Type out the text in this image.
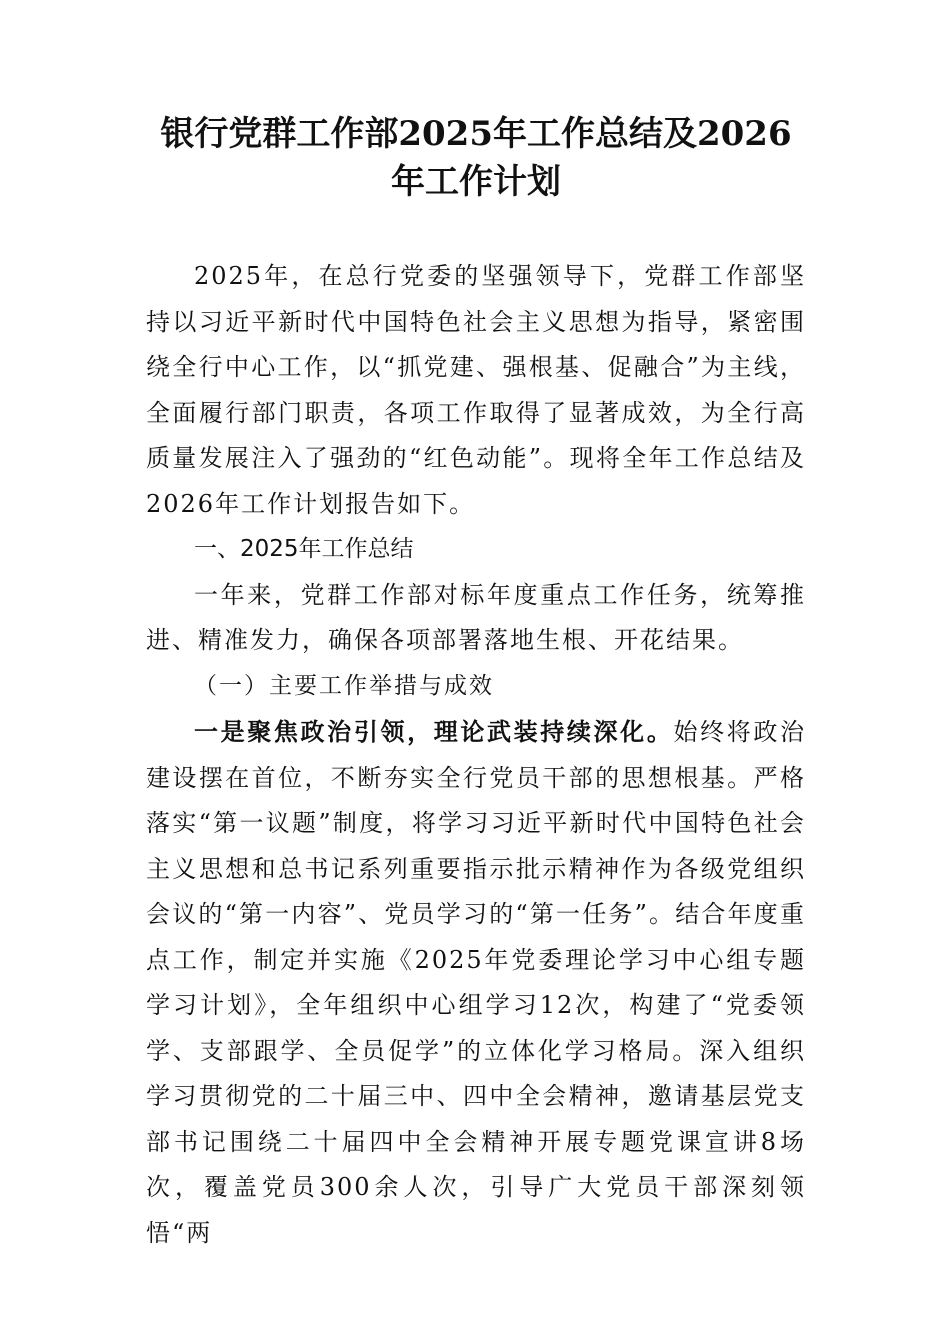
银行党群工作部2025年工作总结及2026年工作计划

2025年，在总行党委的坚强领导下，党群工作部坚持以习近平新时代中国特色社会主义思想为指导，紧密围绕全行中心工作，以“抓党建、强根基、促融合”为主线，全面履行部门职责，各项工作取得了显著成效，为全行高质量发展注入了强劲的“红色动能”。现将全年工作总结及2026年工作计划报告如下。

一、2025年工作总结

一年来，党群工作部对标年度重点工作任务，统筹推进、精准发力，确保各项部署落地生根、开花结果。

（一）主要工作举措与成效

一是聚焦政治引领，理论武装持续深化。始终将政治建设摆在首位，不断夯实全行党员干部的思想根基。严格落实“第一议题”制度，将学习习近平新时代中国特色社会主义思想和总书记系列重要指示批示精神作为各级党组织会议的“第一内容”、党员学习的“第一任务”。结合年度重点工作，制定并实施《2025年党委理论学习中心组专题学习计划》，全年组织中心组学习12次，构建了“党委领学、支部跟学、全员促学”的立体化学习格局。深入组织学习贯彻党的二十届三中、四中全会精神，邀请基层党支部书记围绕二十届四中全会精神开展专题党课宣讲8场次，覆盖党员300余人次，引导广大党员干部深刻领悟“两
